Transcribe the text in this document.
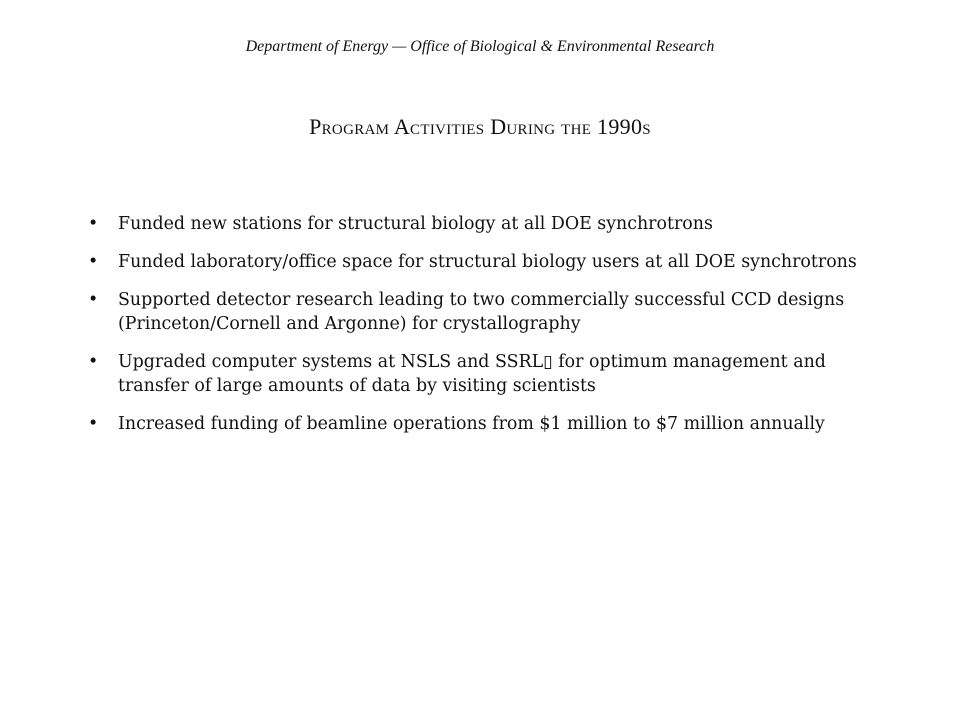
Department of Energy — Office of Biological & Environmental Research
Program Activities During the 1990s
•	Funded new stations for structural biology at all DOE synchrotrons
•	Funded laboratory/office space for structural biology users at all DOE synchrotrons
•	Supported detector research leading to two commercially successful CCD designs (Princeton/Cornell and Argonne) for crystallography
•	Upgraded computer systems at NSLS and SSRL▯ for optimum management and transfer of large amounts of data by visiting scientists
•	Increased funding of beamline operations from $1 million to $7 million annually
